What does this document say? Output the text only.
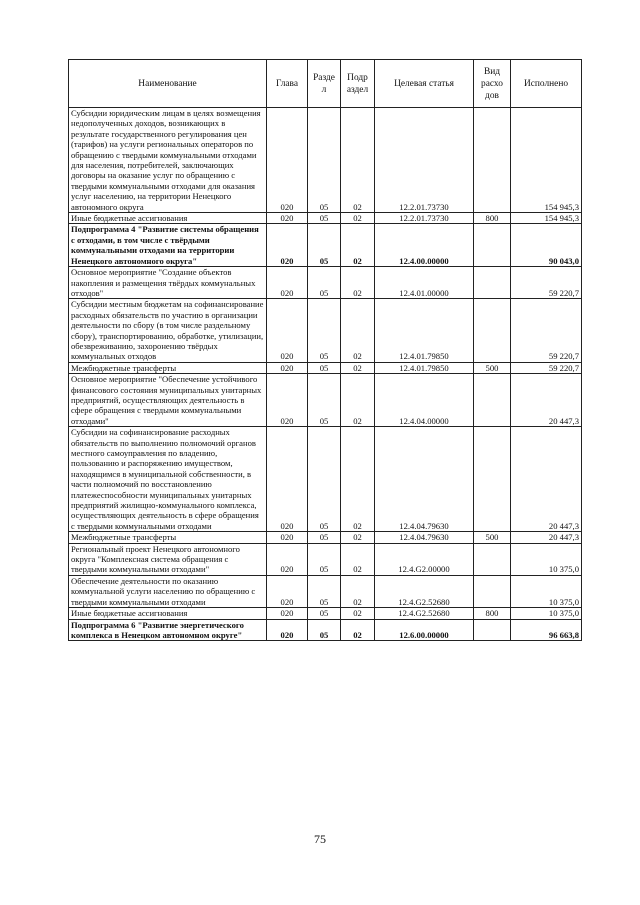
Наименование	Глава	Разде л	Подр аздел	Целевая статья	Вид расхо дов	Исполнено
Субсидии юридическим лицам в целях возмещения недополученных доходов, возникающих в результате государственного регулирования цен (тарифов) на услуги региональных операторов по обращению с твердыми коммунальными отходами для населения, потребителей, заключающих договоры на оказание услуг по обращению с твердыми коммунальными отходами для оказания услуг населению, на территории Ненецкого автономного округа	020	05	02	12.2.01.73730		154 945,3
Иные бюджетные ассигнования	020	05	02	12.2.01.73730	800	154 945,3
Подпрограмма 4 "Развитие системы обращения с отходами, в том числе с твёрдыми коммунальными отходами на территории Ненецкого автономного округа"	020	05	02	12.4.00.00000		90 043,0
Основное мероприятие "Создание объектов накопления и размещения твёрдых коммунальных отходов"	020	05	02	12.4.01.00000		59 220,7
Субсидии местным бюджетам на софинансирование расходных обязательств по участию в организации деятельности по сбору (в том числе раздельному сбору), транспортированию, обработке, утилизации, обезвреживанию, захоронению твёрдых коммунальных отходов	020	05	02	12.4.01.79850		59 220,7
Межбюджетные трансферты	020	05	02	12.4.01.79850	500	59 220,7
Основное мероприятие "Обеспечение устойчивого финансового состояния муниципальных унитарных предприятий, осуществляющих деятельность в сфере обращения с твердыми коммунальными отходами"	020	05	02	12.4.04.00000		20 447,3
Субсидии на софинансирование расходных обязательств по выполнению полномочий органов местного самоуправления по владению, пользованию и распоряжению имуществом, находящимся в муниципальной собственности, в части полномочий по восстановлению платежеспособности муниципальных унитарных предприятий жилищно-коммунального комплекса, осуществляющих деятельность в сфере обращения с твердыми коммунальными отходами	020	05	02	12.4.04.79630		20 447,3
Межбюджетные трансферты	020	05	02	12.4.04.79630	500	20 447,3
Региональный проект Ненецкого автономного округа "Комплексная система обращения с твердыми коммунальными отходами"	020	05	02	12.4.G2.00000		10 375,0
Обеспечение деятельности по оказанию коммунальной услуги населению по обращению с твердыми коммунальными отходами	020	05	02	12.4.G2.52680		10 375,0
Иные бюджетные ассигнования	020	05	02	12.4.G2.52680	800	10 375,0
Подпрограмма 6 "Развитие энергетического комплекса в Ненецком автономном округе"	020	05	02	12.6.00.00000		96 663,8
75
